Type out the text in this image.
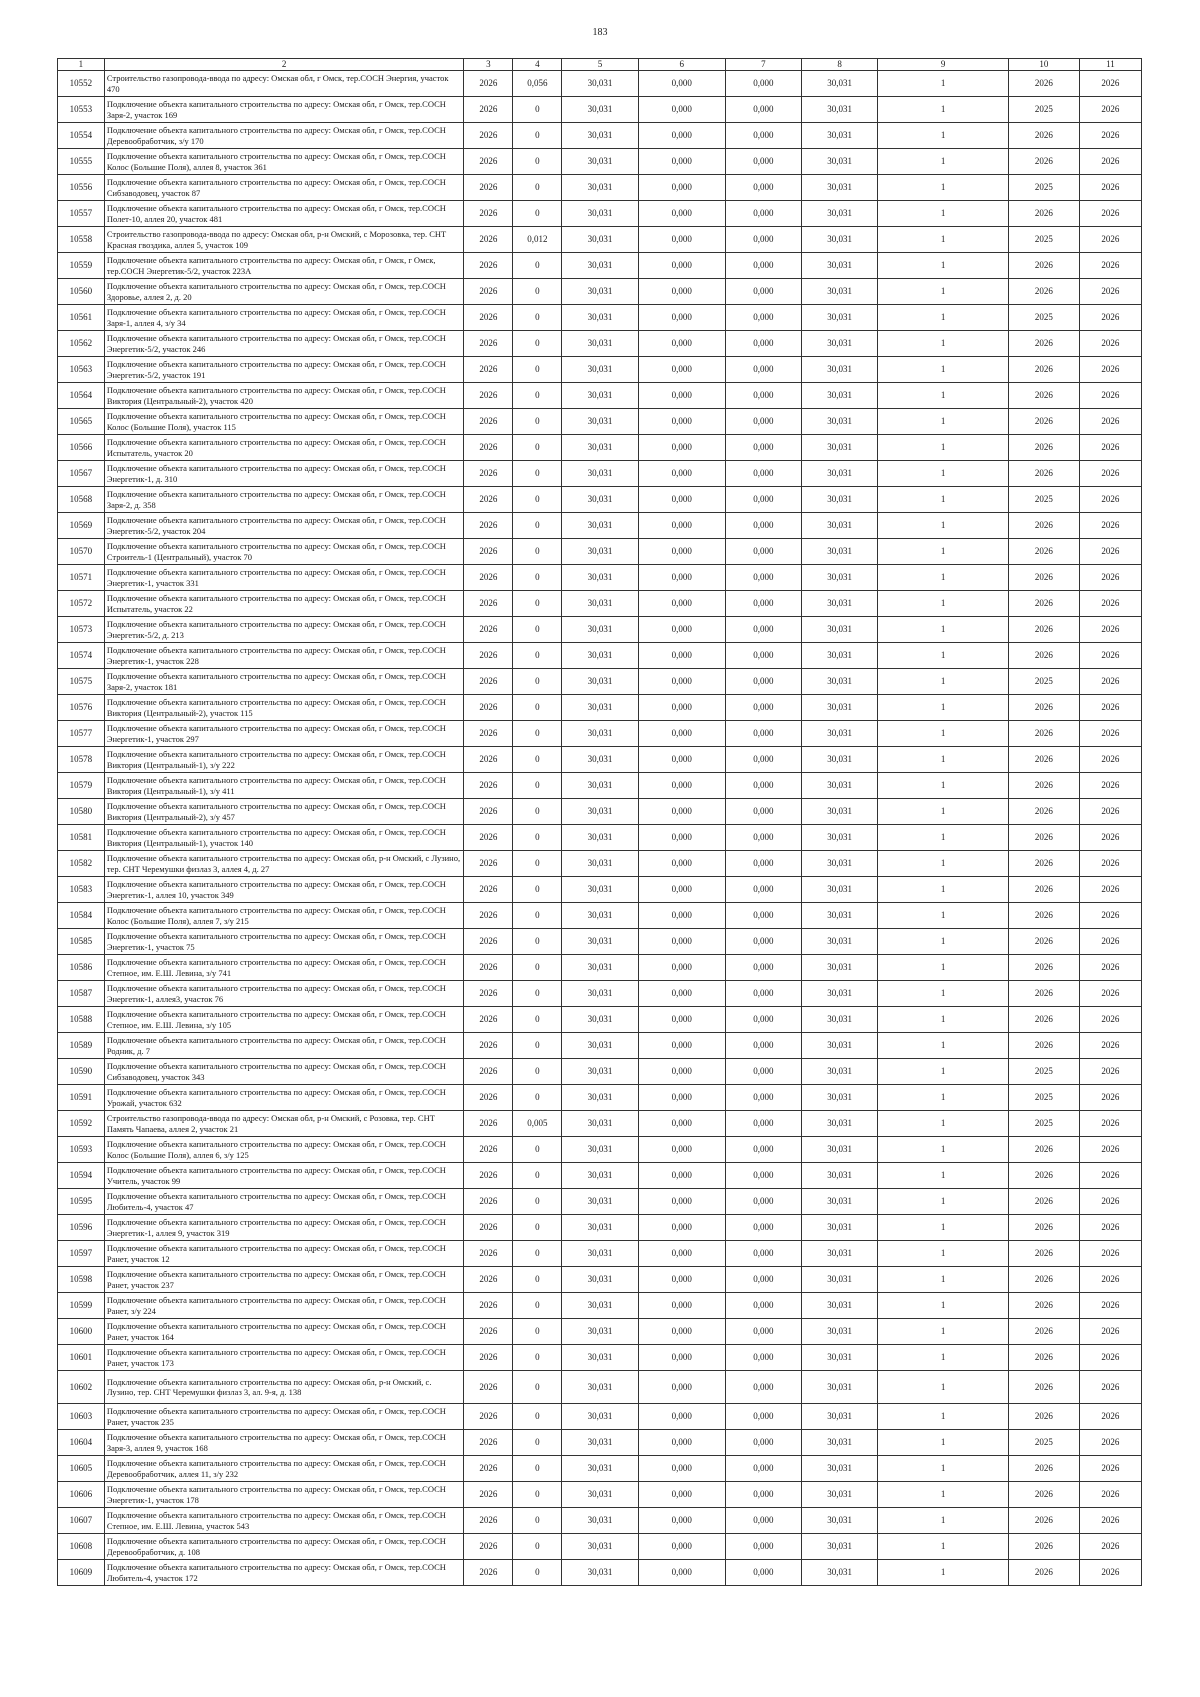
183
1	2	3	4	5	6	7	8	9	10	11
10552	Строительство газопровода-ввода по адресу: Омская обл, г Омск, тер.СОСН Энергия, участок 470	2026	0,056	30,031	0,000	0,000	30,031	1	2026	2026
10553	Подключение объекта капитального строительства по адресу: Омская обл, г Омск, тер.СОСН Заря-2, участок 169	2026	0	30,031	0,000	0,000	30,031	1	2025	2026
10554	Подключение объекта капитального строительства по адресу: Омская обл, г Омск, тер.СОСН Деревообработчик, з/у 170	2026	0	30,031	0,000	0,000	30,031	1	2026	2026
10555	Подключение объекта капитального строительства по адресу: Омская обл, г Омск, тер.СОСН Колос (Большие Поля), аллея 8, участок 361	2026	0	30,031	0,000	0,000	30,031	1	2026	2026
10556	Подключение объекта капитального строительства по адресу: Омская обл, г Омск, тер.СОСН Сибзаводовец, участок 87	2026	0	30,031	0,000	0,000	30,031	1	2025	2026
10557	Подключение объекта капитального строительства по адресу: Омская обл, г Омск, тер.СОСН Полет-10, аллея 20, участок 481	2026	0	30,031	0,000	0,000	30,031	1	2026	2026
10558	Строительство газопровода-ввода по адресу: Омская обл, р-н Омский, с Морозовка, тер. СНТ Красная гвоздика, аллея 5, участок 109	2026	0,012	30,031	0,000	0,000	30,031	1	2025	2026
10559	Подключение объекта капитального строительства по адресу: Омская обл, г Омск, г Омск, тер.СОСН Энергетик-5/2, участок 223А	2026	0	30,031	0,000	0,000	30,031	1	2026	2026
10560	Подключение объекта капитального строительства по адресу: Омская обл, г Омск, тер.СОСН Здоровье, аллея 2, д. 20	2026	0	30,031	0,000	0,000	30,031	1	2026	2026
10561	Подключение объекта капитального строительства по адресу: Омская обл, г Омск, тер.СОСН Заря-1, аллея 4, з/у 34	2026	0	30,031	0,000	0,000	30,031	1	2025	2026
10562	Подключение объекта капитального строительства по адресу: Омская обл, г Омск, тер.СОСН Энергетик-5/2, участок 246	2026	0	30,031	0,000	0,000	30,031	1	2026	2026
10563	Подключение объекта капитального строительства по адресу: Омская обл, г Омск, тер.СОСН Энергетик-5/2, участок 191	2026	0	30,031	0,000	0,000	30,031	1	2026	2026
10564	Подключение объекта капитального строительства по адресу: Омская обл, г Омск, тер.СОСН Виктория (Центральный-2), участок 420	2026	0	30,031	0,000	0,000	30,031	1	2026	2026
10565	Подключение объекта капитального строительства по адресу: Омская обл, г Омск, тер.СОСН Колос (Большие Поля), участок 115	2026	0	30,031	0,000	0,000	30,031	1	2026	2026
10566	Подключение объекта капитального строительства по адресу: Омская обл, г Омск, тер.СОСН Испытатель, участок 20	2026	0	30,031	0,000	0,000	30,031	1	2026	2026
10567	Подключение объекта капитального строительства по адресу: Омская обл, г Омск, тер.СОСН Энергетик-1, д. 310	2026	0	30,031	0,000	0,000	30,031	1	2026	2026
10568	Подключение объекта капитального строительства по адресу: Омская обл, г Омск, тер.СОСН Заря-2, д. 358	2026	0	30,031	0,000	0,000	30,031	1	2025	2026
10569	Подключение объекта капитального строительства по адресу: Омская обл, г Омск, тер.СОСН Энергетик-5/2, участок 204	2026	0	30,031	0,000	0,000	30,031	1	2026	2026
10570	Подключение объекта капитального строительства по адресу: Омская обл, г Омск, тер.СОСН Строитель-1 (Центральный), участок 70	2026	0	30,031	0,000	0,000	30,031	1	2026	2026
10571	Подключение объекта капитального строительства по адресу: Омская обл, г Омск, тер.СОСН Энергетик-1, участок 331	2026	0	30,031	0,000	0,000	30,031	1	2026	2026
10572	Подключение объекта капитального строительства по адресу: Омская обл, г Омск, тер.СОСН Испытатель, участок 22	2026	0	30,031	0,000	0,000	30,031	1	2026	2026
10573	Подключение объекта капитального строительства по адресу: Омская обл, г Омск, тер.СОСН Энергетик-5/2, д. 213	2026	0	30,031	0,000	0,000	30,031	1	2026	2026
10574	Подключение объекта капитального строительства по адресу: Омская обл, г Омск, тер.СОСН Энергетик-1, участок 228	2026	0	30,031	0,000	0,000	30,031	1	2026	2026
10575	Подключение объекта капитального строительства по адресу: Омская обл, г Омск, тер.СОСН Заря-2, участок 181	2026	0	30,031	0,000	0,000	30,031	1	2025	2026
10576	Подключение объекта капитального строительства по адресу: Омская обл, г Омск, тер.СОСН Виктория (Центральный-2), участок 115	2026	0	30,031	0,000	0,000	30,031	1	2026	2026
10577	Подключение объекта капитального строительства по адресу: Омская обл, г Омск, тер.СОСН Энергетик-1, участок 297	2026	0	30,031	0,000	0,000	30,031	1	2026	2026
10578	Подключение объекта капитального строительства по адресу: Омская обл, г Омск, тер.СОСН Виктория (Центральный-1), з/у 222	2026	0	30,031	0,000	0,000	30,031	1	2026	2026
10579	Подключение объекта капитального строительства по адресу: Омская обл, г Омск, тер.СОСН Виктория (Центральный-1), з/у 411	2026	0	30,031	0,000	0,000	30,031	1	2026	2026
10580	Подключение объекта капитального строительства по адресу: Омская обл, г Омск, тер.СОСН Виктория (Центральный-2), з/у 457	2026	0	30,031	0,000	0,000	30,031	1	2026	2026
10581	Подключение объекта капитального строительства по адресу: Омская обл, г Омск, тер.СОСН Виктория (Центральный-1), участок 140	2026	0	30,031	0,000	0,000	30,031	1	2026	2026
10582	Подключение объекта капитального строительства по адресу: Омская обл, р-н Омский, с Лузино, тер. СНТ Черемушки физлаз 3, аллея 4, д. 27	2026	0	30,031	0,000	0,000	30,031	1	2026	2026
10583	Подключение объекта капитального строительства по адресу: Омская обл, г Омск, тер.СОСН Энергетик-1, аллея 10, участок 349	2026	0	30,031	0,000	0,000	30,031	1	2026	2026
10584	Подключение объекта капитального строительства по адресу: Омская обл, г Омск, тер.СОСН Колос (Большие Поля), аллея 7, з/у 215	2026	0	30,031	0,000	0,000	30,031	1	2026	2026
10585	Подключение объекта капитального строительства по адресу: Омская обл, г Омск, тер.СОСН Энергетик-1, участок 75	2026	0	30,031	0,000	0,000	30,031	1	2026	2026
10586	Подключение объекта капитального строительства по адресу: Омская обл, г Омск, тер.СОСН Степное, им. Е.Ш. Левина, з/у 741	2026	0	30,031	0,000	0,000	30,031	1	2026	2026
10587	Подключение объекта капитального строительства по адресу: Омская обл, г Омск, тер.СОСН Энергетик-1, аллея3, участок 76	2026	0	30,031	0,000	0,000	30,031	1	2026	2026
10588	Подключение объекта капитального строительства по адресу: Омская обл, г Омск, тер.СОСН Степное, им. Е.Ш. Левина, з/у 105	2026	0	30,031	0,000	0,000	30,031	1	2026	2026
10589	Подключение объекта капитального строительства по адресу: Омская обл, г Омск, тер.СОСН Родник, д. 7	2026	0	30,031	0,000	0,000	30,031	1	2026	2026
10590	Подключение объекта капитального строительства по адресу: Омская обл, г Омск, тер.СОСН Сибзаводовец, участок 343	2026	0	30,031	0,000	0,000	30,031	1	2025	2026
10591	Подключение объекта капитального строительства по адресу: Омская обл, г Омск, тер.СОСН Урожай, участок 632	2026	0	30,031	0,000	0,000	30,031	1	2025	2026
10592	Строительство газопровода-ввода по адресу: Омская обл, р-н Омский, с Розовка, тер. СНТ Память Чапаева, аллея 2, участок 21	2026	0,005	30,031	0,000	0,000	30,031	1	2025	2026
10593	Подключение объекта капитального строительства по адресу: Омская обл, г Омск, тер.СОСН Колос (Большие Поля), аллея 6, з/у 125	2026	0	30,031	0,000	0,000	30,031	1	2026	2026
10594	Подключение объекта капитального строительства по адресу: Омская обл, г Омск, тер.СОСН Учитель, участок 99	2026	0	30,031	0,000	0,000	30,031	1	2026	2026
10595	Подключение объекта капитального строительства по адресу: Омская обл, г Омск, тер.СОСН Любитель-4, участок 47	2026	0	30,031	0,000	0,000	30,031	1	2026	2026
10596	Подключение объекта капитального строительства по адресу: Омская обл, г Омск, тер.СОСН Энергетик-1, аллея 9, участок 319	2026	0	30,031	0,000	0,000	30,031	1	2026	2026
10597	Подключение объекта капитального строительства по адресу: Омская обл, г Омск, тер.СОСН Ранет, участок 12	2026	0	30,031	0,000	0,000	30,031	1	2026	2026
10598	Подключение объекта капитального строительства по адресу: Омская обл, г Омск, тер.СОСН Ранет, участок 237	2026	0	30,031	0,000	0,000	30,031	1	2026	2026
10599	Подключение объекта капитального строительства по адресу: Омская обл, г Омск, тер.СОСН Ранет, з/у 224	2026	0	30,031	0,000	0,000	30,031	1	2026	2026
10600	Подключение объекта капитального строительства по адресу: Омская обл, г Омск, тер.СОСН Ранет, участок 164	2026	0	30,031	0,000	0,000	30,031	1	2026	2026
10601	Подключение объекта капитального строительства по адресу: Омская обл, г Омск, тер.СОСН Ранет, участок 173	2026	0	30,031	0,000	0,000	30,031	1	2026	2026
10602	Подключение объекта капитального строительства по адресу: Омская обл, р-н Омский, с. Лузино, тер. СНТ Черемушки физлаз 3, ал. 9-я, д. 138	2026	0	30,031	0,000	0,000	30,031	1	2026	2026
10603	Подключение объекта капитального строительства по адресу: Омская обл, г Омск, тер.СОСН Ранет, участок 235	2026	0	30,031	0,000	0,000	30,031	1	2026	2026
10604	Подключение объекта капитального строительства по адресу: Омская обл, г Омск, тер.СОСН Заря-3, аллея 9, участок 168	2026	0	30,031	0,000	0,000	30,031	1	2025	2026
10605	Подключение объекта капитального строительства по адресу: Омская обл, г Омск, тер.СОСН Деревообработчик, аллея 11, з/у 232	2026	0	30,031	0,000	0,000	30,031	1	2026	2026
10606	Подключение объекта капитального строительства по адресу: Омская обл, г Омск, тер.СОСН Энергетик-1, участок 178	2026	0	30,031	0,000	0,000	30,031	1	2026	2026
10607	Подключение объекта капитального строительства по адресу: Омская обл, г Омск, тер.СОСН Степное, им. Е.Ш. Левина, участок 543	2026	0	30,031	0,000	0,000	30,031	1	2026	2026
10608	Подключение объекта капитального строительства по адресу: Омская обл, г Омск, тер.СОСН Деревообработчик, д. 108	2026	0	30,031	0,000	0,000	30,031	1	2026	2026
10609	Подключение объекта капитального строительства по адресу: Омская обл, г Омск, тер.СОСН Любитель-4, участок 172	2026	0	30,031	0,000	0,000	30,031	1	2026	2026
